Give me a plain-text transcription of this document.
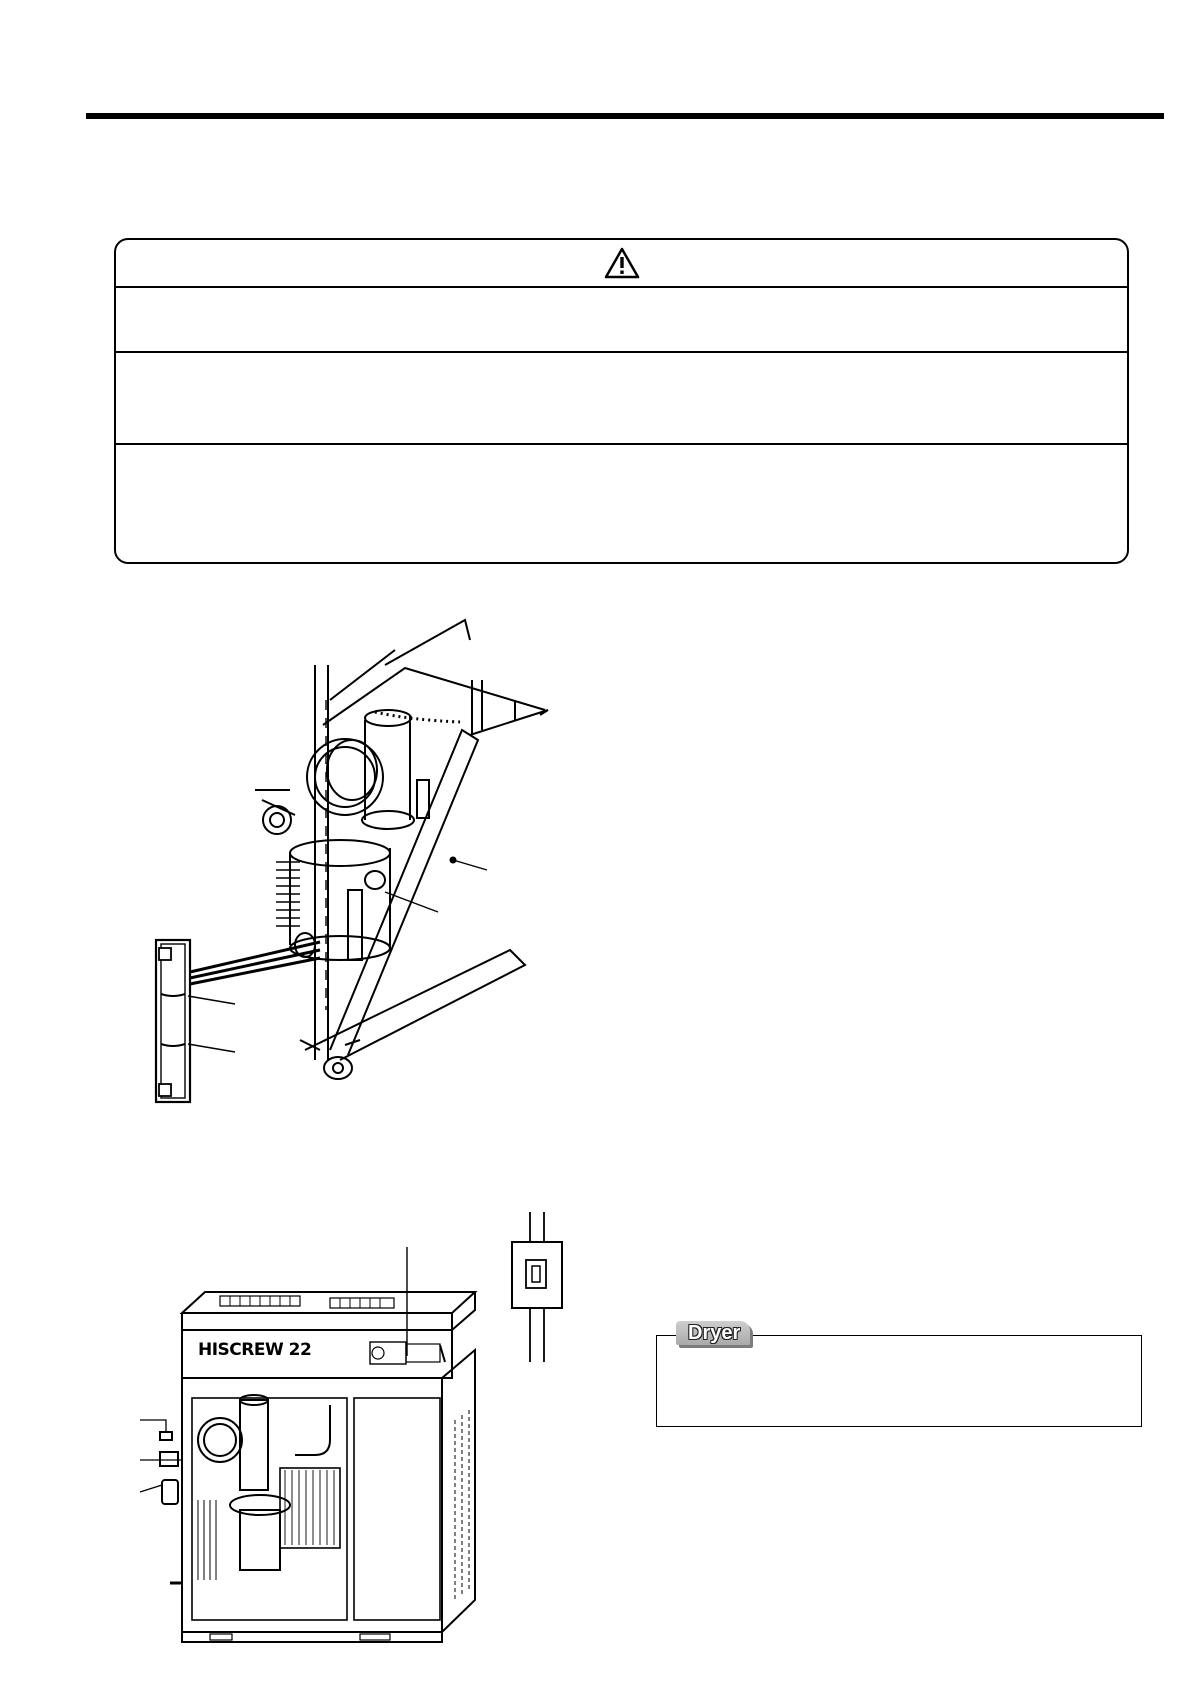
HISCREW 22
Dryer
